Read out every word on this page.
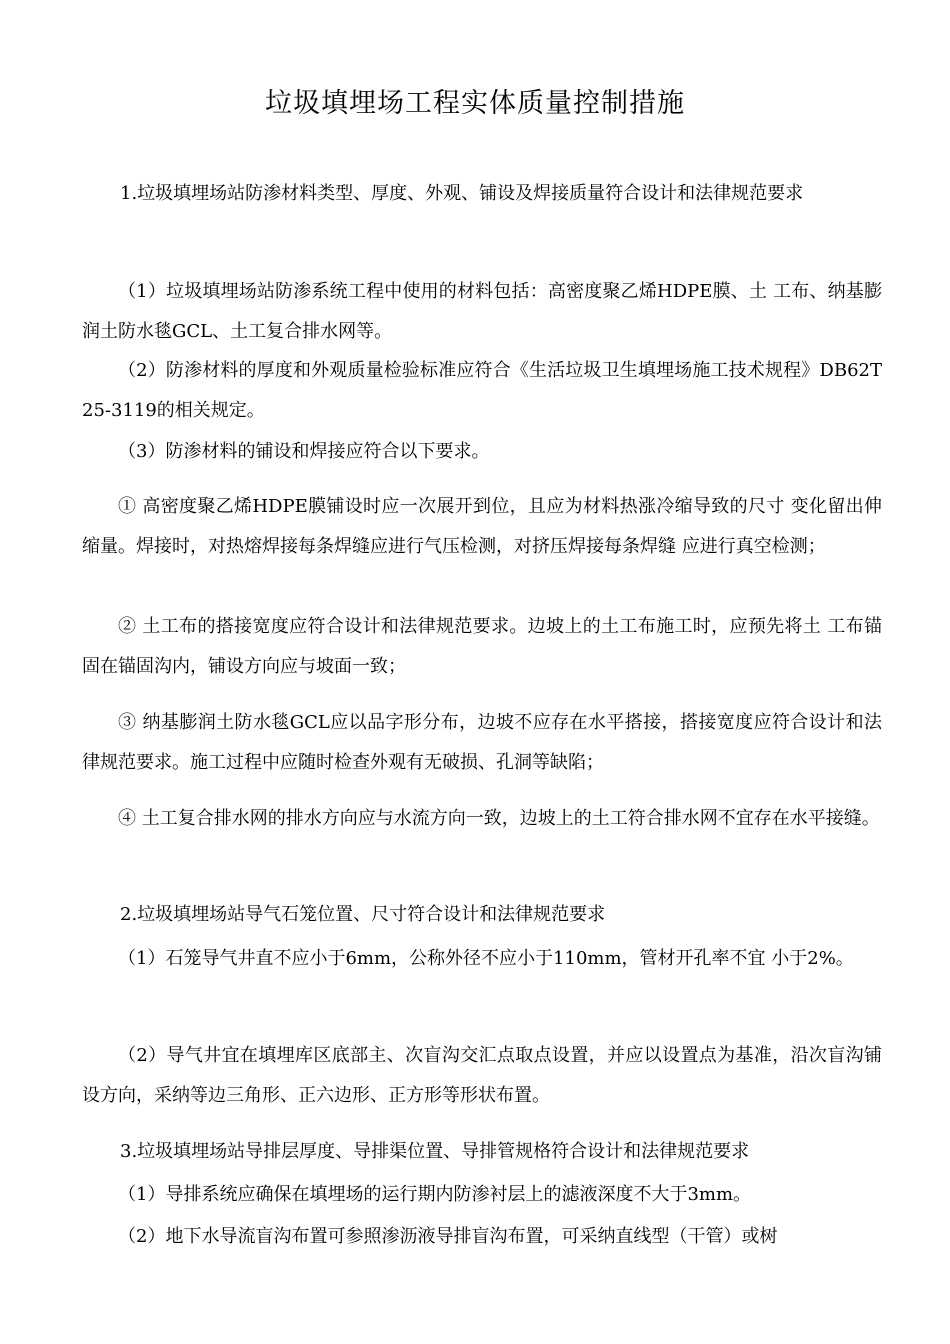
垃圾填埋场工程实体质量控制措施

1.垃圾填埋场站防渗材料类型、厚度、外观、铺设及焊接质量符合设计和法律规范要求

（1）垃圾填埋场站防渗系统工程中使用的材料包括：高密度聚乙烯HDPE膜、土 工布、纳基膨润土防水毯GCL、土工复合排水网等。

（2）防渗材料的厚度和外观质量检验标准应符合《生活垃圾卫生填埋场施工技术规程》DB62T25-3119的相关规定。

（3）防渗材料的铺设和焊接应符合以下要求。

① 高密度聚乙烯HDPE膜铺设时应一次展开到位，且应为材料热涨冷缩导致的尺寸 变化留出伸缩量。焊接时，对热熔焊接每条焊缝应进行气压检测，对挤压焊接每条焊缝 应进行真空检测；

② 土工布的搭接宽度应符合设计和法律规范要求。边坡上的土工布施工时，应预先将土 工布锚固在锚固沟内，铺设方向应与坡面一致；

③ 纳基膨润土防水毯GCL应以品字形分布，边坡不应存在水平搭接，搭接宽度应符合设计和法律规范要求。施工过程中应随时检查外观有无破损、孔洞等缺陷；

④ 土工复合排水网的排水方向应与水流方向一致，边坡上的土工符合排水网不宜存在水平接缝。

2.垃圾填埋场站导气石笼位置、尺寸符合设计和法律规范要求

（1）石笼导气井直不应小于6mm，公称外径不应小于110mm，管材开孔率不宜 小于2%。

（2）导气井宜在填埋库区底部主、次盲沟交汇点取点设置，并应以设置点为基准，沿次盲沟铺设方向，采纳等边三角形、正六边形、正方形等形状布置。

3.垃圾填埋场站导排层厚度、导排渠位置、导排管规格符合设计和法律规范要求

（1）导排系统应确保在填埋场的运行期内防渗衬层上的滤液深度不大于3mm。

（2）地下水导流盲沟布置可参照渗沥液导排盲沟布置，可采纳直线型（干管）或树
